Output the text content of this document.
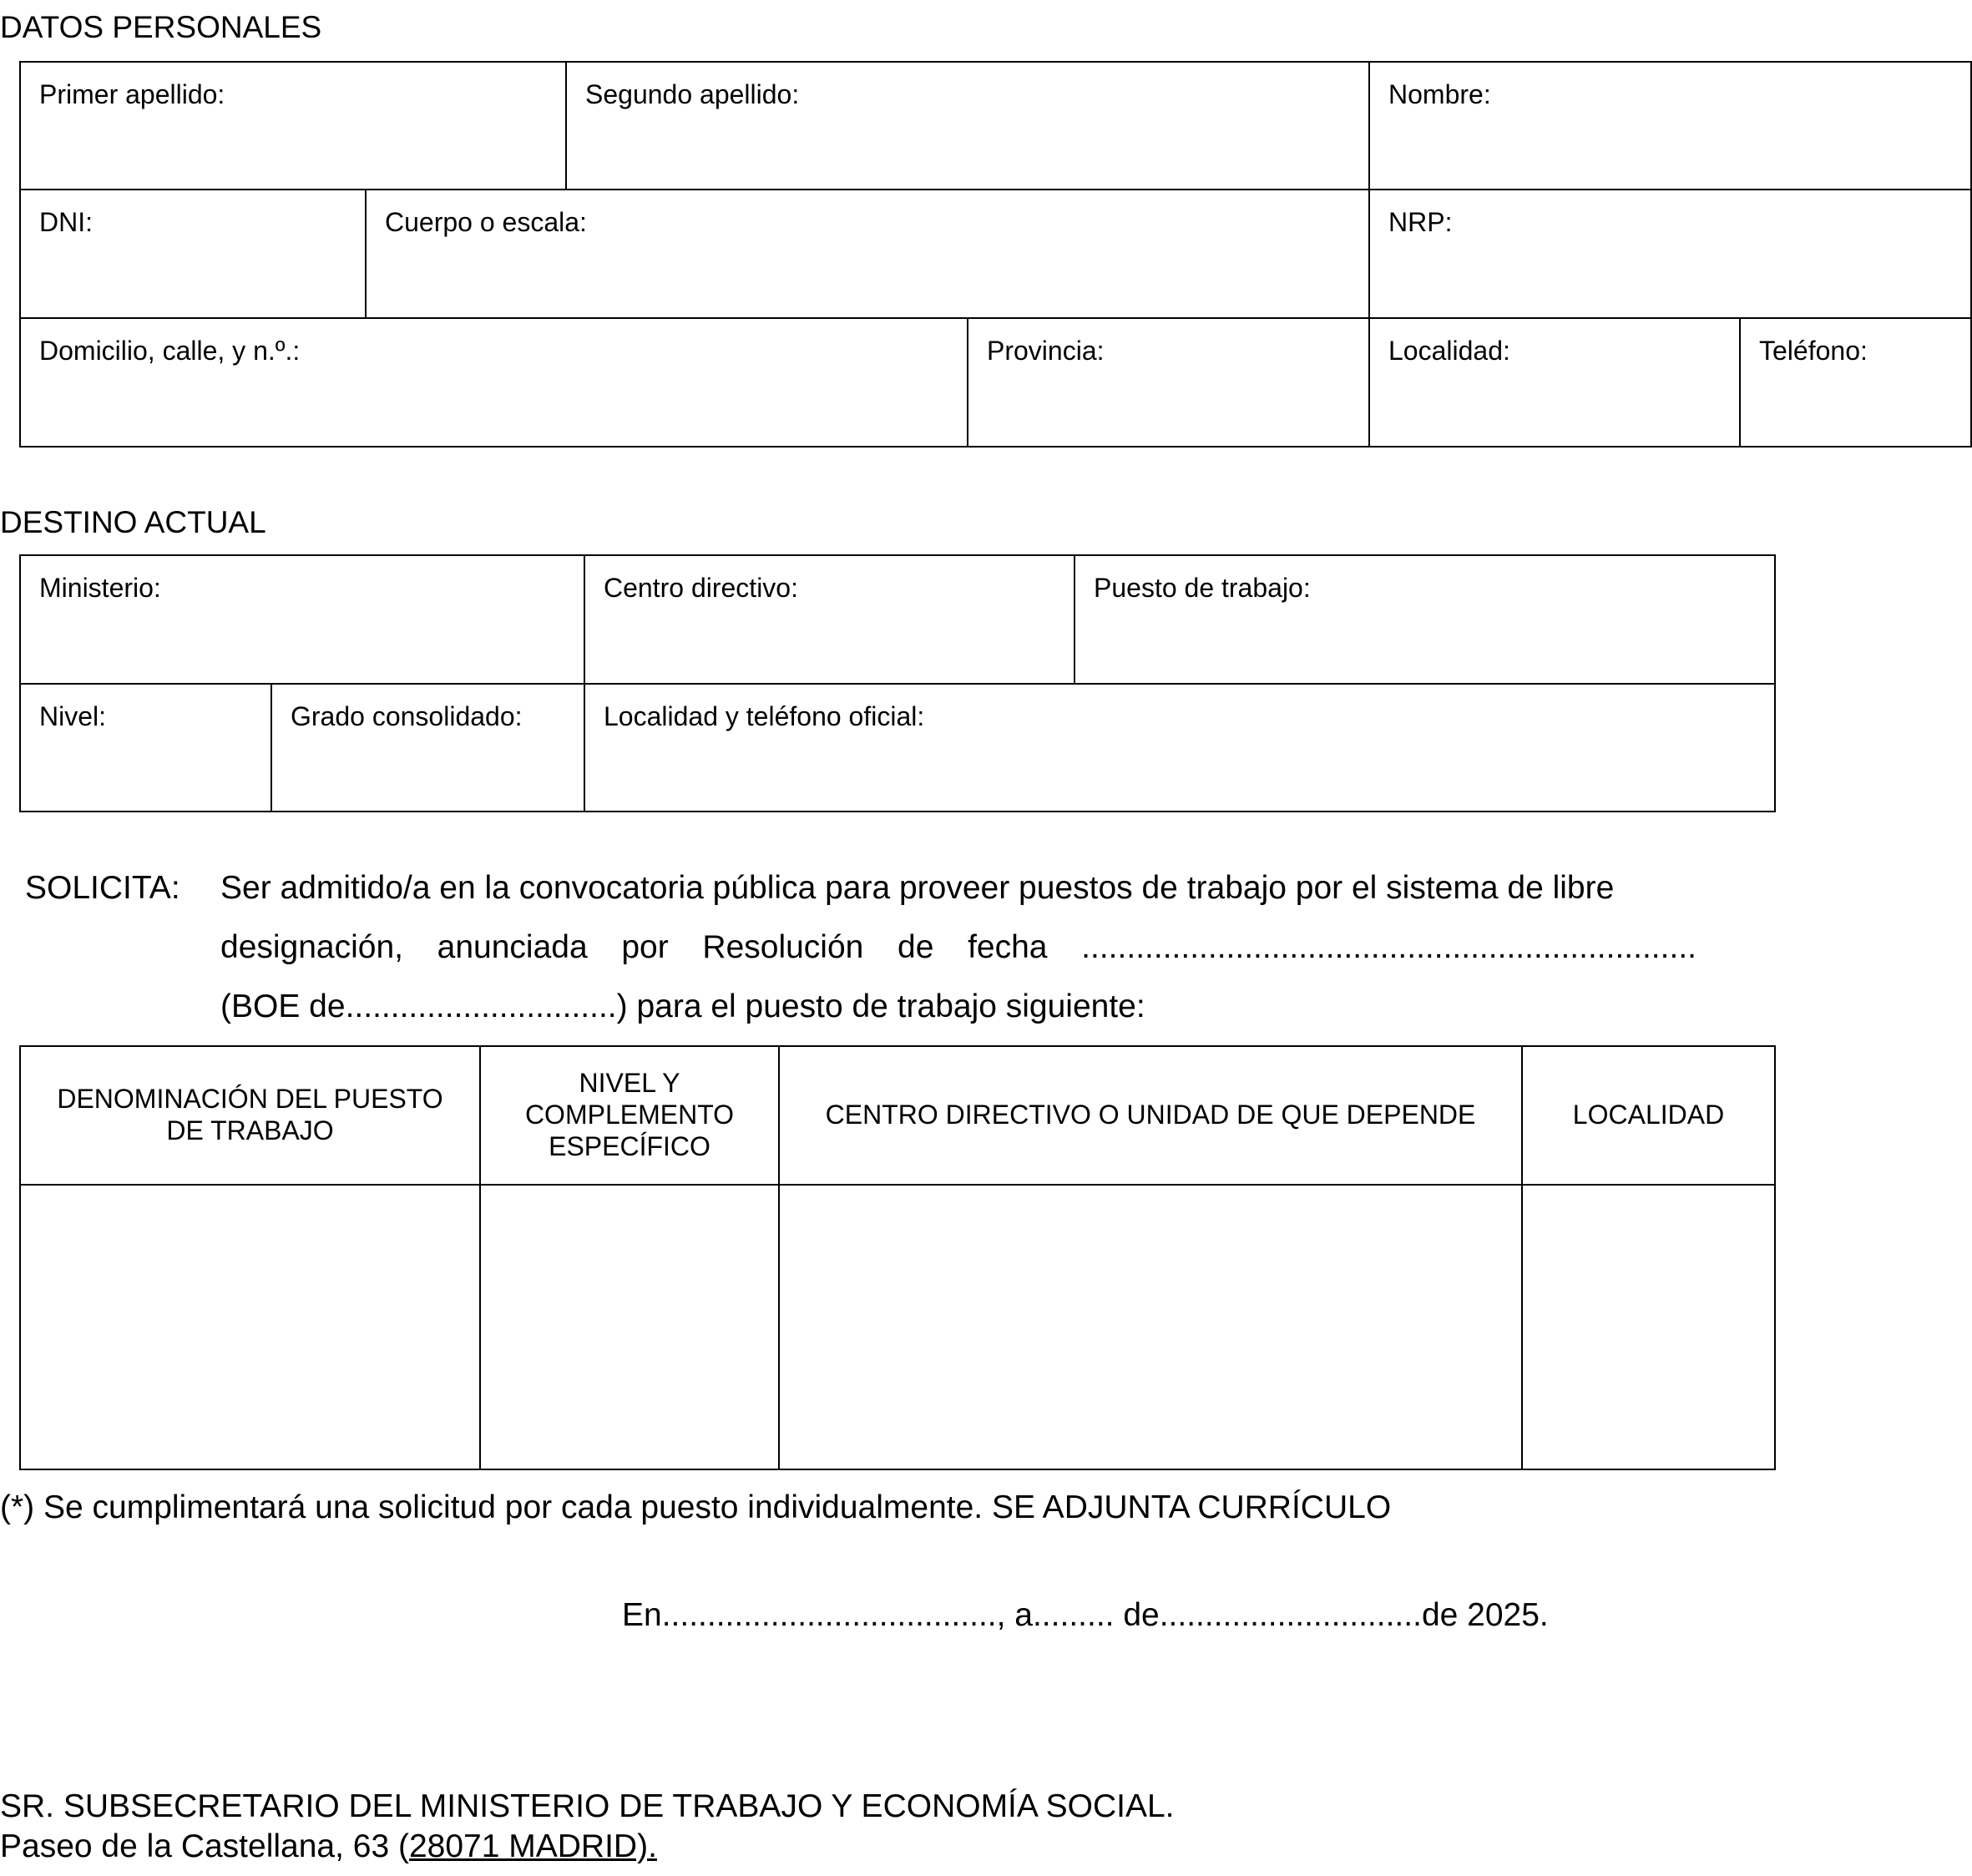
DATOS PERSONALES
Primer apellido:		Segundo apellido:		Nombre:	

DNI:	Cuerpo o escala:			NRP:	

Domicilio, calle, y n.º.:			Provincia:	Localidad:	Teléfono:
DESTINO ACTUAL
Ministerio:		Centro directivo:	Puesto de trabajo:

Nivel:	Grado consolidado:	Localidad y teléfono oficial:	
SOLICITA: Ser admitido/a en la convocatoria pública para proveer puestos de trabajo por el sistema de libre
designación, anunciada por Resolución de fecha ....................................................................
(BOE de..............................) para el puesto de trabajo siguiente:
DENOMINACIÓN DEL PUESTO DE TRABAJO	NIVEL Y COMPLEMENTO ESPECÍFICO	CENTRO DIRECTIVO O UNIDAD DE QUE DEPENDE	LOCALIDAD

(*) Se cumplimentará una solicitud por cada puesto individualmente. SE ADJUNTA CURRÍCULO
En....................................., a......... de.............................de 2025.
SR. SUBSECRETARIO DEL MINISTERIO DE TRABAJO Y ECONOMÍA SOCIAL.
Paseo de la Castellana, 63 (28071 MADRID).
